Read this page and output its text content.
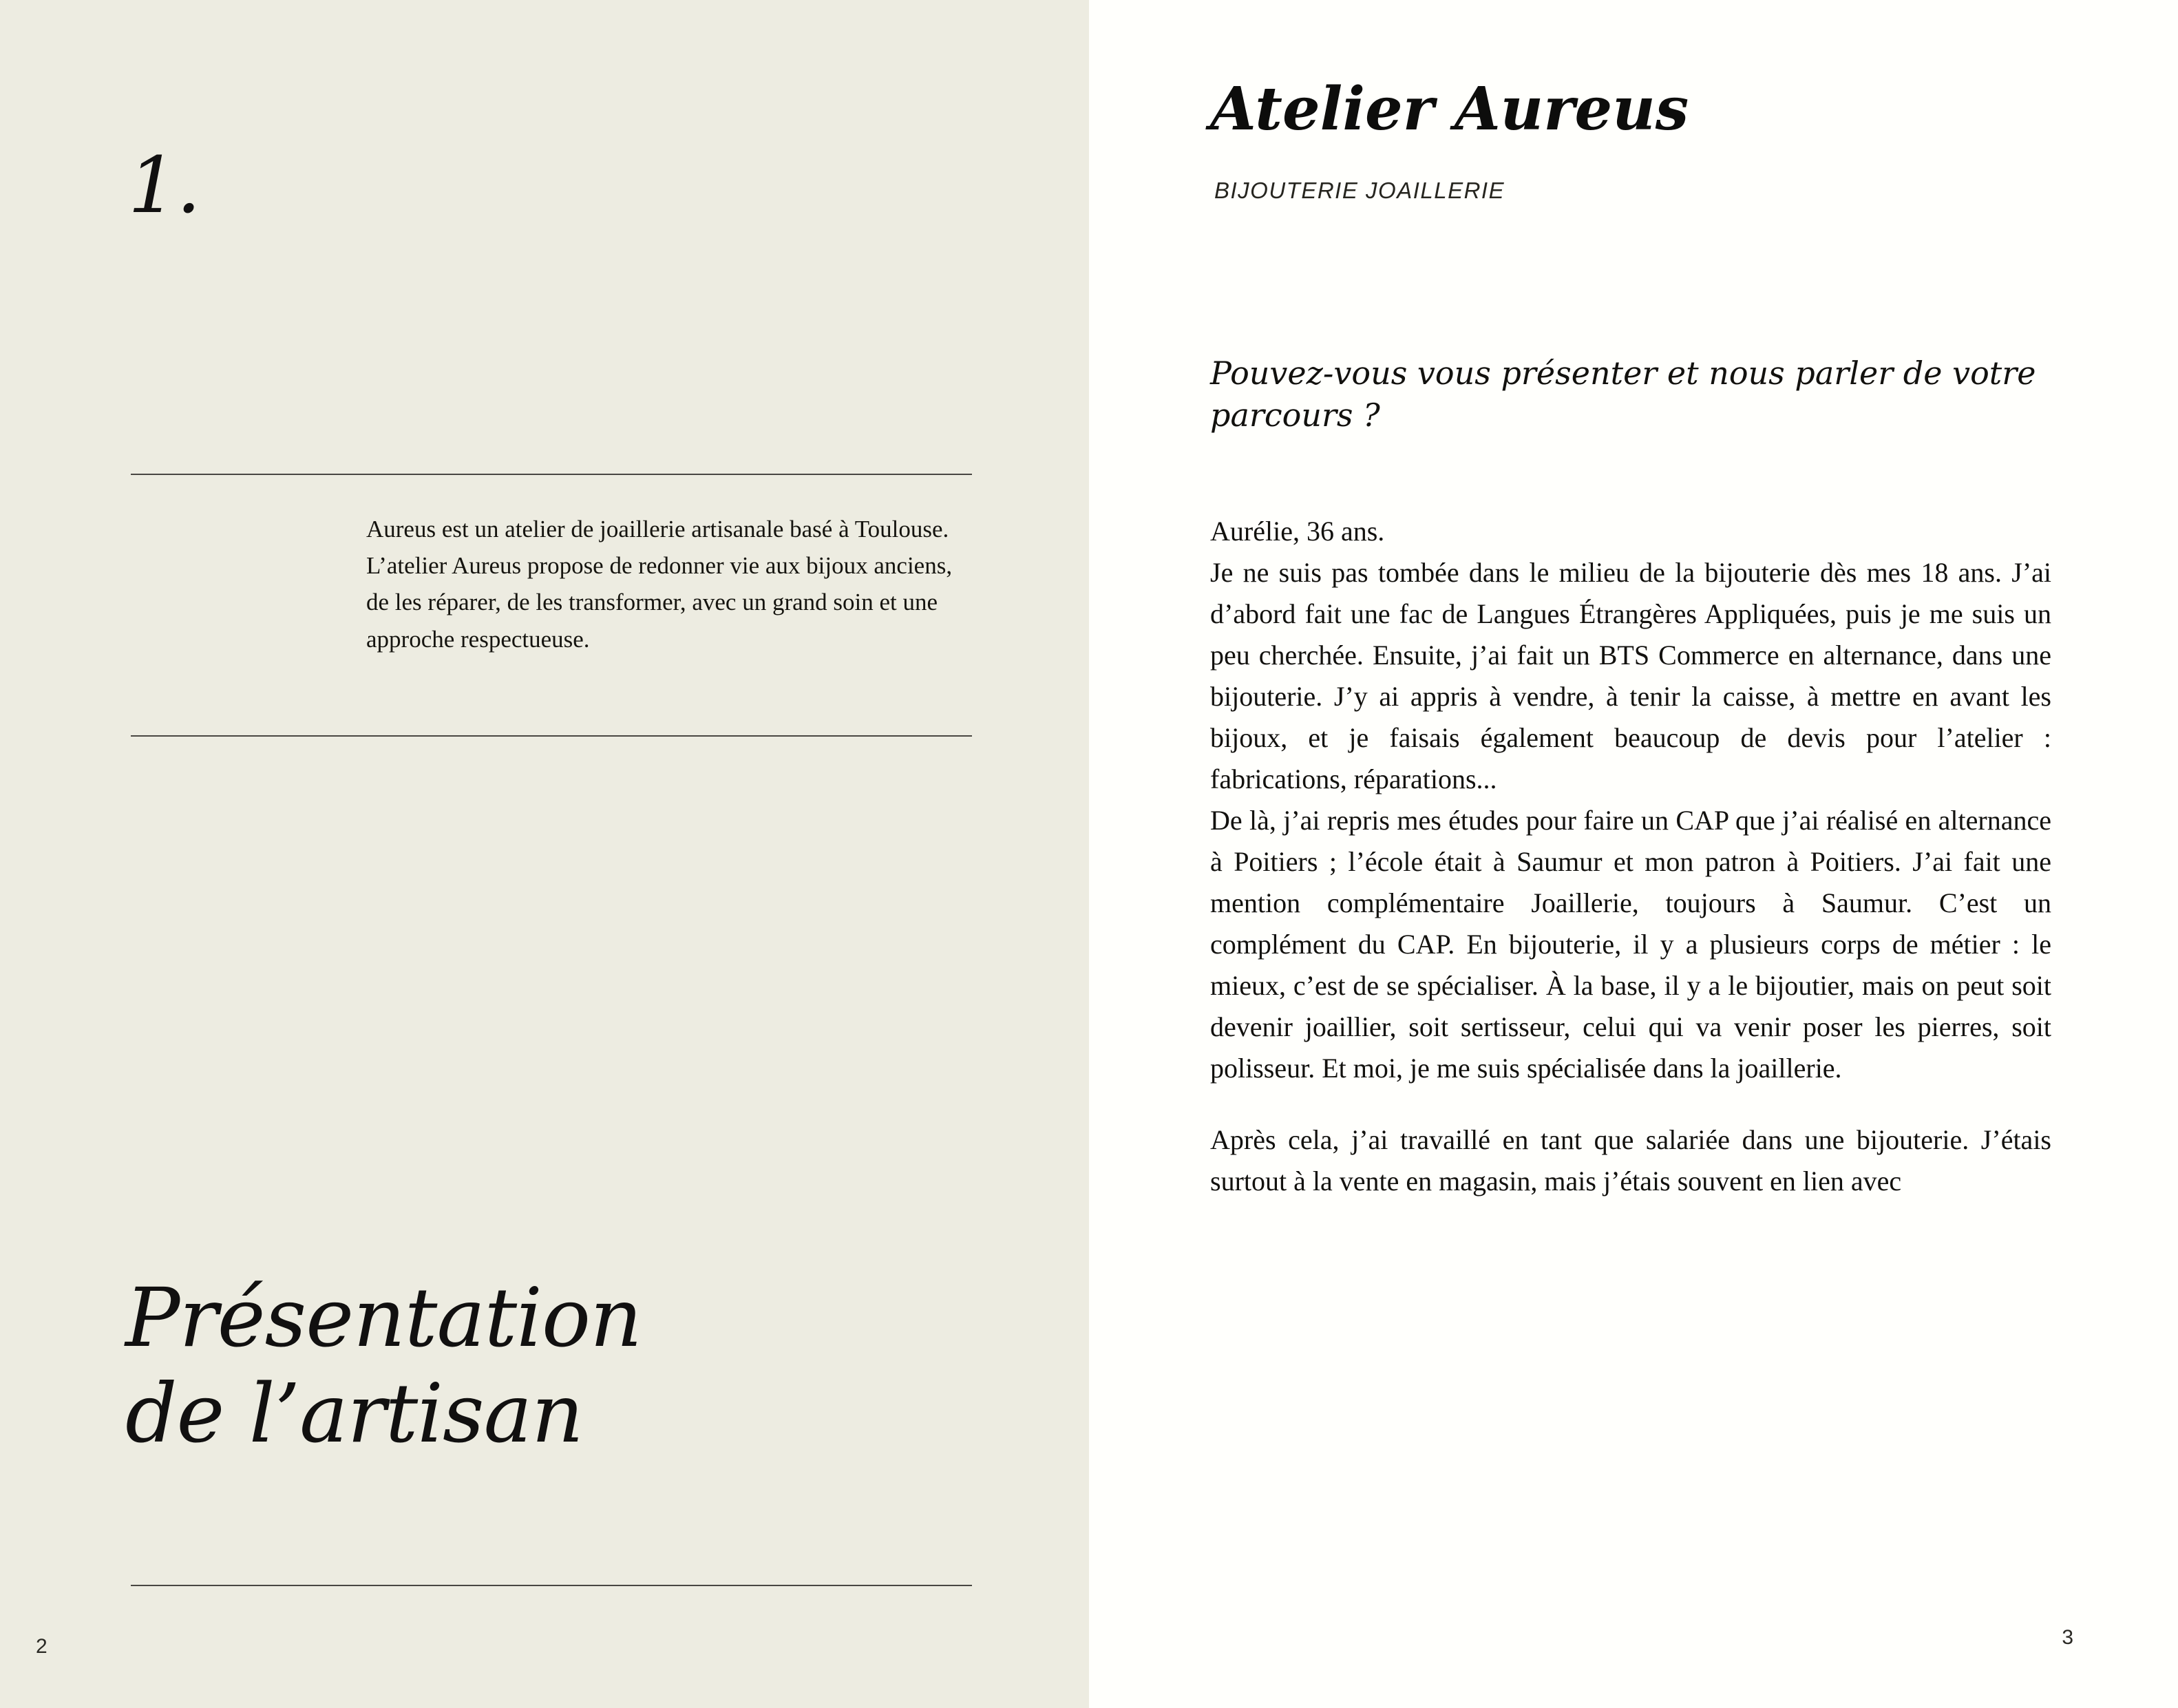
1.
Aureus est un atelier de joaillerie artisanale basé à Toulouse. L’atelier Aureus propose de redonner vie aux bijoux anciens, de les réparer, de les transformer, avec un grand soin et une approche respectueuse.
Présentation
de l’artisan
2
Atelier Aureus
BIJOUTERIE JOAILLERIE
Pouvez-vous vous présenter et nous parler de votre parcours ?

Aurélie, 36 ans.

Je ne suis pas tombée dans le milieu de la bijouterie dès mes 18 ans. J’ai d’abord fait une fac de Langues Étrangères Appliquées, puis je me suis un peu cherchée. Ensuite, j’ai fait un BTS Commerce en alternance, dans une bijouterie. J’y ai appris à vendre, à tenir la caisse, à mettre en avant les bijoux, et je faisais également beaucoup de devis pour l’atelier : fabrications, réparations...

De là, j’ai repris mes études pour faire un CAP que j’ai réalisé en alternance à Poitiers ; l’école était à Saumur et mon patron à Poitiers. J’ai fait une mention complémentaire Joaillerie, toujours à Saumur. C’est un complément du CAP. En bijouterie, il y a plusieurs corps de métier : le mieux, c’est de se spécialiser. À la base, il y a le bijoutier, mais on peut soit devenir joaillier, soit sertisseur, celui qui va venir poser les pierres, soit polisseur. Et moi, je me suis spécialisée dans la joaillerie.

Après cela, j’ai travaillé en tant que salariée dans une bijouterie. J’étais surtout à la vente en magasin, mais j’étais souvent en lien avec

3
